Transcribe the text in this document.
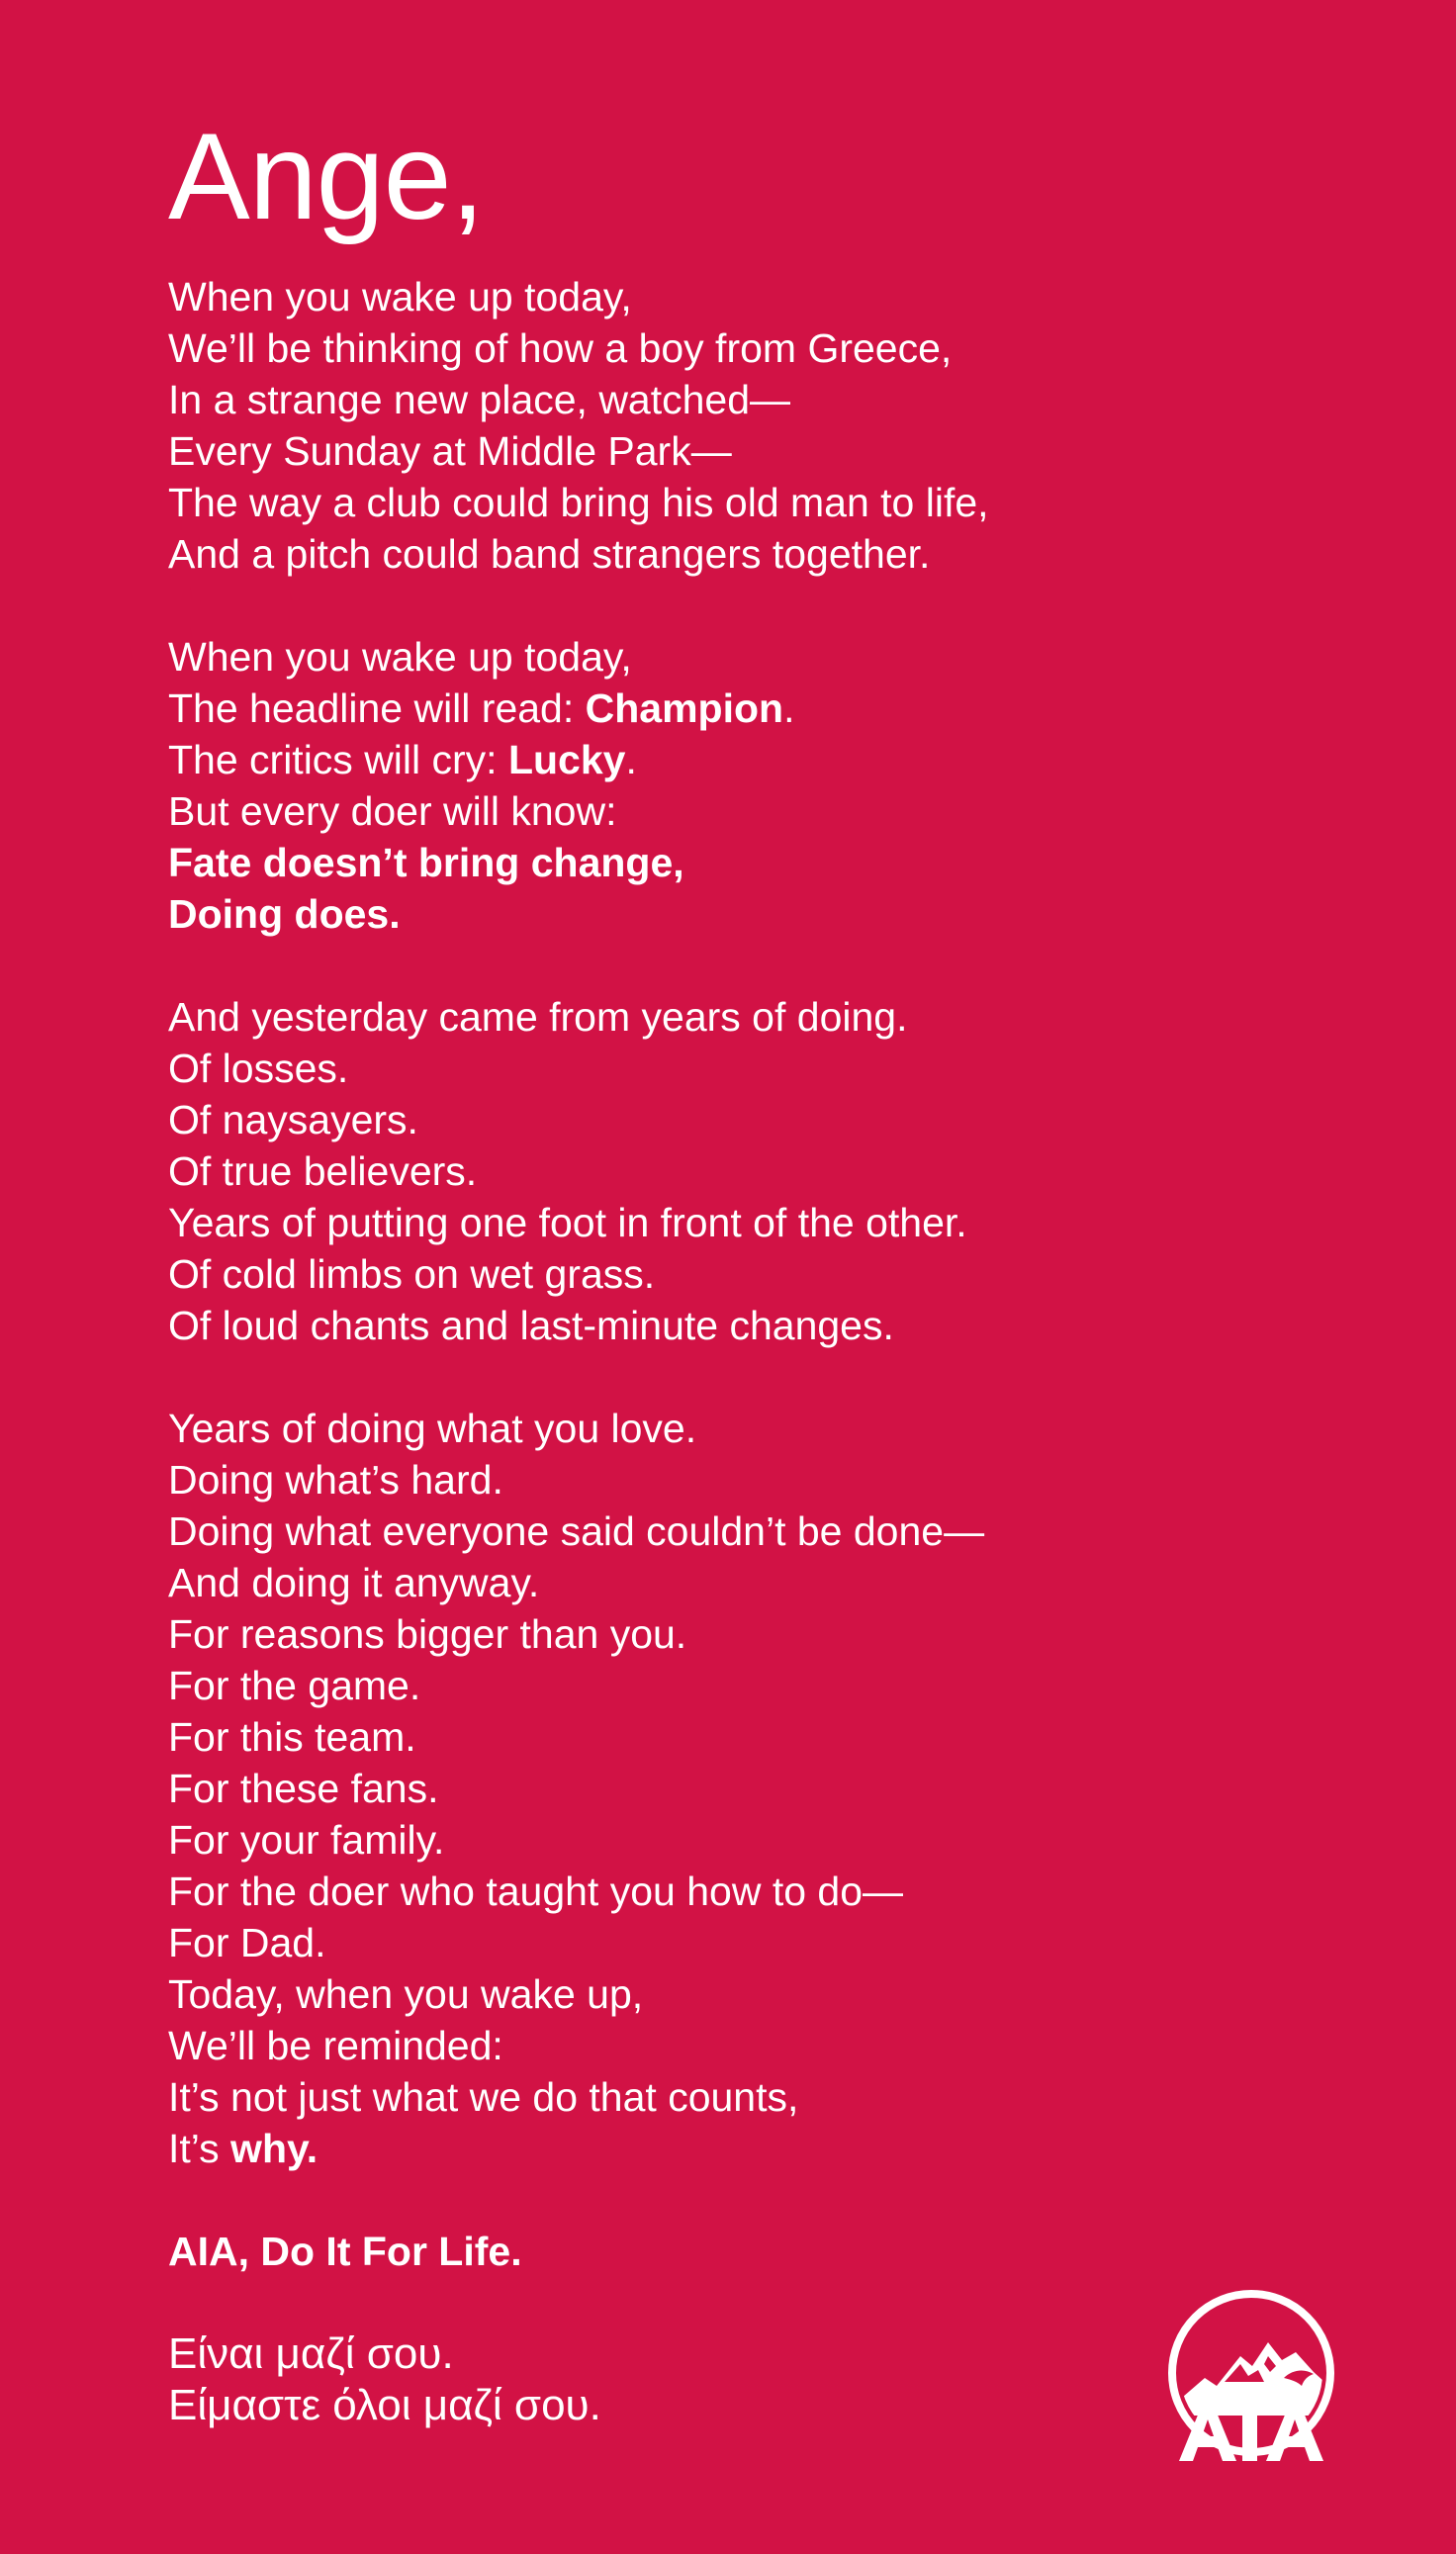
Ange,
When you wake up today,
We’ll be thinking of how a boy from Greece,
In a strange new place, watched—
Every Sunday at Middle Park—
The way a club could bring his old man to life,
And a pitch could band strangers together.
When you wake up today,
The headline will read: Champion.
The critics will cry: Lucky.
But every doer will know:
Fate doesn’t bring change,
Doing does.
And yesterday came from years of doing.
Of losses.
Of naysayers.
Of true believers.
Years of putting one foot in front of the other.
Of cold limbs on wet grass.
Of loud chants and last-minute changes.
Years of doing what you love.
Doing what’s hard.
Doing what everyone said couldn’t be done—
And doing it anyway.
For reasons bigger than you.
For the game.
For this team.
For these fans.
For your family.
For the doer who taught you how to do—
For Dad.
Today, when you wake up,
We’ll be reminded:
It’s not just what we do that counts,
It’s why.
AIA, Do It For Life.
Είναι μαζί σου.
Είμαστε όλοι μαζί σου.
